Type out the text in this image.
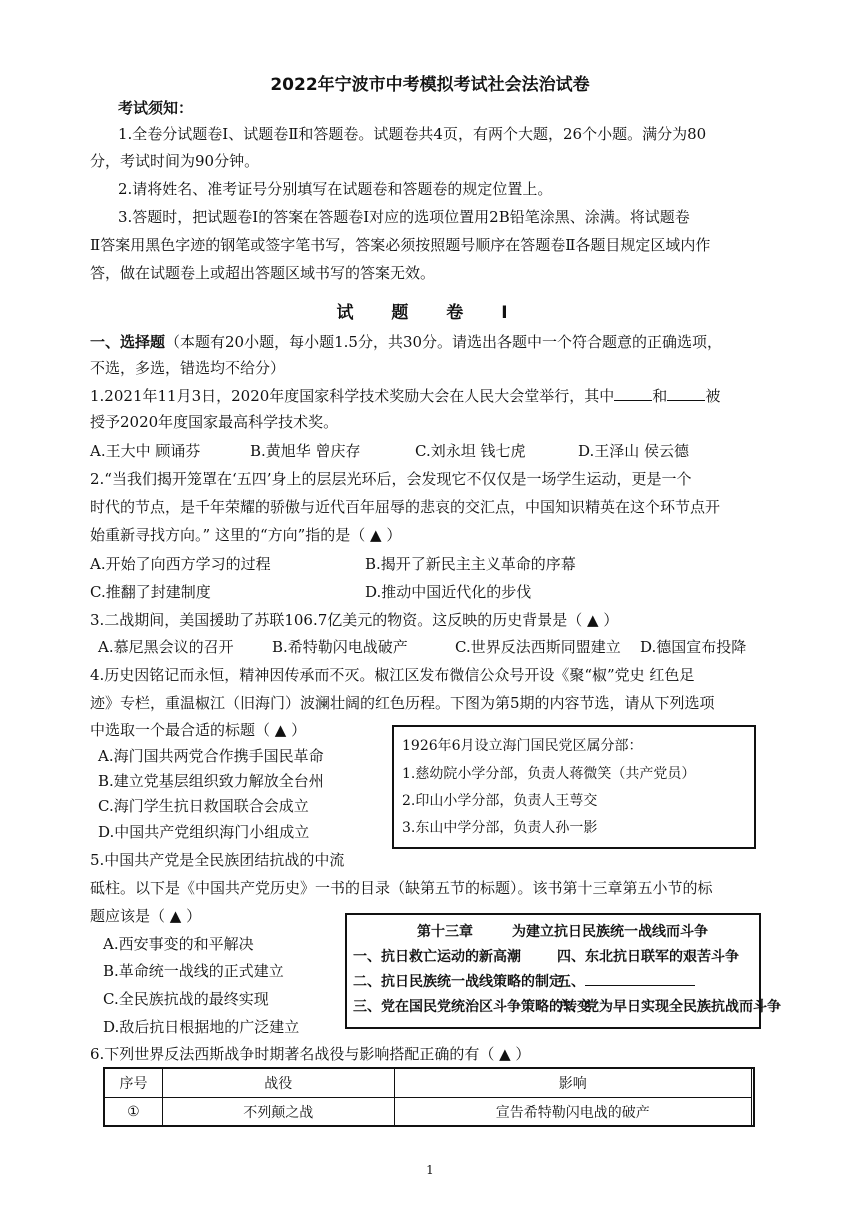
2022年宁波市中考模拟考试社会法治试卷
考试须知：
1.全卷分试题卷Ⅰ、试题卷Ⅱ和答题卷。试题卷共4页，有两个大题，26个小题。满分为80
分，考试时间为90分钟。
2.请将姓名、准考证号分别填写在试题卷和答题卷的规定位置上。
3.答题时，把试题卷Ⅰ的答案在答题卷Ⅰ对应的选项位置用2B铅笔涂黑、涂满。将试题卷
Ⅱ答案用黑色字迹的钢笔或签字笔书写，答案必须按照题号顺序在答题卷Ⅱ各题目规定区域内作
答，做在试题卷上或超出答题区域书写的答案无效。
试 题 卷 Ⅰ
一、选择题（本题有20小题，每小题1.5分，共30分。请选出各题中一个符合题意的正确选项，
不选，多选，错选均不给分）
1.2021年11月3日，2020年度国家科学技术奖励大会在人民大会堂举行，其中	和	被
授予2020年度国家最高科学技术奖。
A.王大中 顾诵芬	B.黄旭华 曾庆存	C.刘永坦 钱七虎	D.王泽山 侯云德
2.“当我们揭开笼罩在‘五四’身上的层层光环后，会发现它不仅仅是一场学生运动，更是一个
时代的节点，是千年荣耀的骄傲与近代百年屈辱的悲哀的交汇点，中国知识精英在这个环节点开
始重新寻找方向。” 这里的“方向”指的是（ ▲ ）
A.开始了向西方学习的过程	B.揭开了新民主主义革命的序幕
C.推翻了封建制度	D.推动中国近代化的步伐
3.二战期间，美国援助了苏联106.7亿美元的物资。这反映的历史背景是（ ▲ ）
A.慕尼黑会议的召开	B.希特勒闪电战破产	C.世界反法西斯同盟建立 D.德国宣布投降
4.历史因铭记而永恒，精神因传承而不灭。椒江区发布微信公众号开设《聚“椒”党史 红色足
迹》专栏，重温椒江（旧海门）波澜壮阔的红色历程。下图为第5期的内容节选，请从下列选项
中选取一个最合适的标题（ ▲ ）
A.海门国共两党合作携手国民革命
B.建立党基层组织致力解放全台州
C.海门学生抗日救国联合会成立
D.中国共产党组织海门小组成立
1926年6月设立海门国民党区属分部：
1.慈幼院小学分部，负责人蒋微笑（共产党员）
2.印山小学分部，负责人王萼交
3.东山中学分部，负责人孙一影
5.中国共产党是全民族团结抗战的中流
砥柱。以下是《中国共产党历史》一书的目录（缺第五节的标题）。该书第十三章第五小节的标
题应该是（ ▲ ）
A.西安事变的和平解决
B.革命统一战线的正式建立
C.全民族抗战的最终实现
D.敌后抗日根据地的广泛建立
第十三章	为建立抗日民族统一战线而斗争
一、抗日救亡运动的新高潮
二、抗日民族统一战线策略的制定
三、党在国民党统治区斗争策略的转变
四、东北抗日联军的艰苦斗争
五、
六、党为早日实现全民族抗战而斗争
6.下列世界反法西斯战争时期著名战役与影响搭配正确的有（ ▲ ）
序号	战役	影响
①	不列颠之战	宣告希特勒闪电战的破产
1
